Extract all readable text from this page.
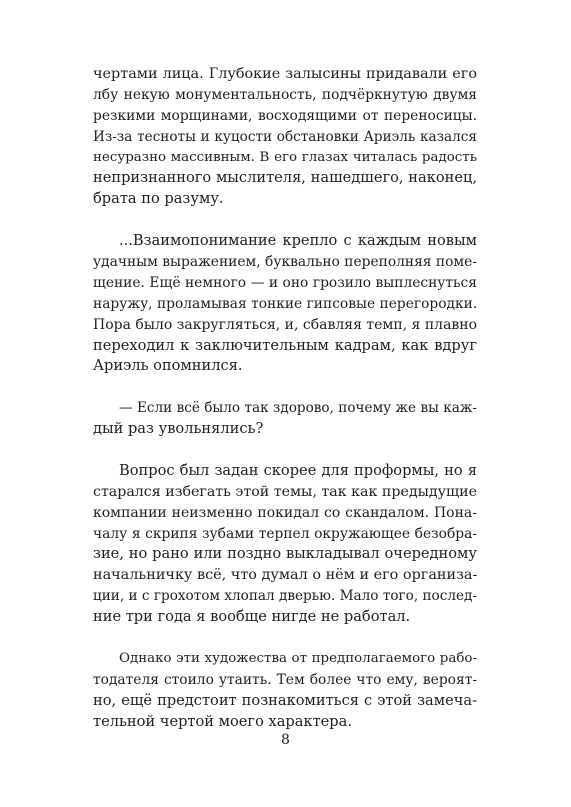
чертами лица. Глубокие залысины придавали его
лбу некую монументальность, подчёркнутую двумя
резкими морщинами, восходящими от переносицы.
Из-за тесноты и куцости обстановки Ариэль казался
несуразно массивным. В его глазах читалась радость
непризнанного мыслителя, нашедшего, наконец,
брата по разуму.
...Взаимопонимание крепло с каждым новым
удачным выражением, буквально переполняя поме-
щение. Ещё немного — и оно грозило выплеснуться
наружу, проламывая тонкие гипсовые перегородки.
Пора было закругляться, и, сбавляя темп, я плавно
переходил к заключительным кадрам, как вдруг
Ариэль опомнился.
— Если всё было так здорово, почему же вы каж-
дый раз увольнялись?
Вопрос был задан скорее для проформы, но я
старался избегать этой темы, так как предыдущие
компании неизменно покидал со скандалом. Пона-
чалу я скрипя зубами терпел окружающее безобра-
зие, но рано или поздно выкладывал очередному
начальничку всё, что думал о нём и его организа-
ции, и с грохотом хлопал дверью. Мало того, послед-
ние три года я вообще нигде не работал.
Однако эти художества от предполагаемого рабо-
тодателя стоило утаить. Тем более что ему, вероят-
но, ещё предстоит познакомиться с этой замеча-
тельной чертой моего характера.
8
